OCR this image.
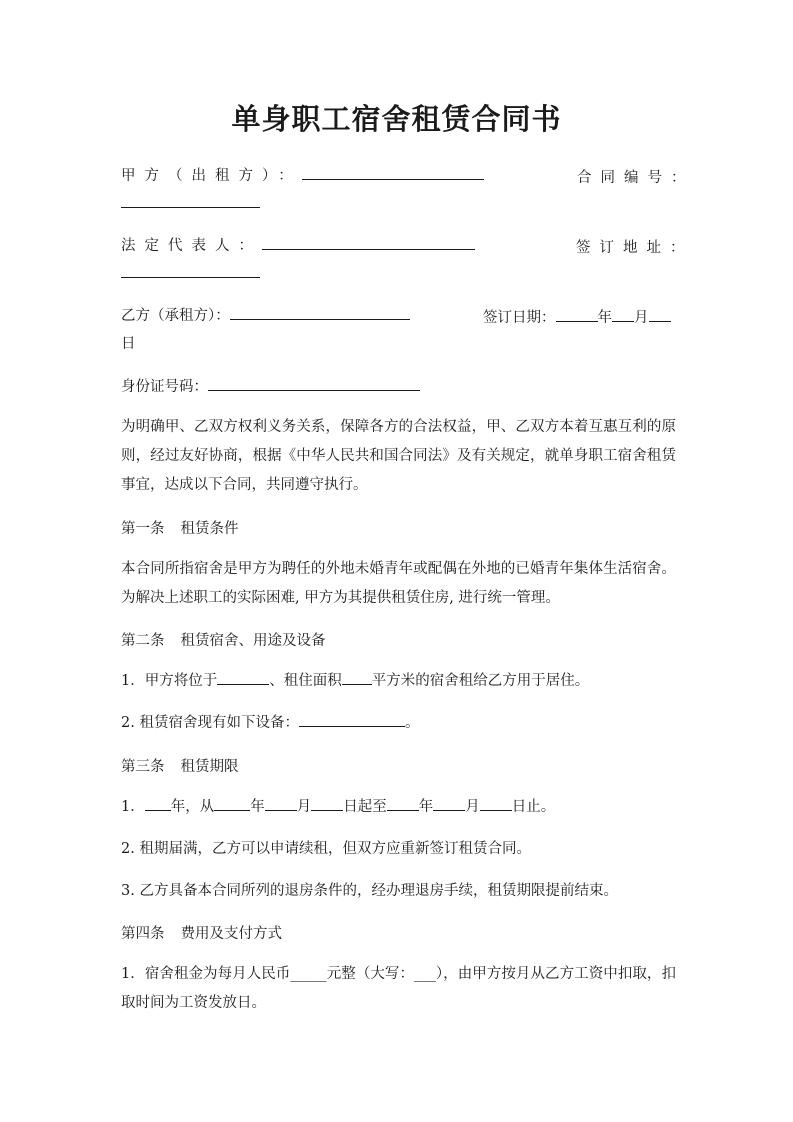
单身职工宿舍租赁合同书
甲方（出租方）：	合同编号：
法定代表人：	签订地址：
乙方（承租方）：	签订日期：	年 月
日
身份证号码：
为明确甲、乙双方权利义务关系，保障各方的合法权益，甲、乙双方本着互惠互利的原则，经过友好协商，根据《中华人民共和国合同法》及有关规定，就单身职工宿舍租赁事宜，达成以下合同，共同遵守执行。
第一条 租赁条件
本合同所指宿舍是甲方为聘任的外地未婚青年或配偶在外地的已婚青年集体生活宿舍。为解决上述职工的实际困难, 甲方为其提供租赁住房, 进行统一管理。
第二条 租赁宿舍、用途及设备
1．甲方将位于	、租住面积 平方米的宿舍租给乙方用于居住。
2. 租赁宿舍现有如下设备：	。
第三条 租赁期限
1． 年，从 年 月 日起至 年 月 日止。
2. 租期届满，乙方可以申请续租，但双方应重新签订租赁合同。
3. 乙方具备本合同所列的退房条件的，经办理退房手续，租赁期限提前结束。
第四条 费用及支付方式
1．宿舍租金为每月人民币_____元整（大写：___），由甲方按月从乙方工资中扣取，扣取时间为工资发放日。
